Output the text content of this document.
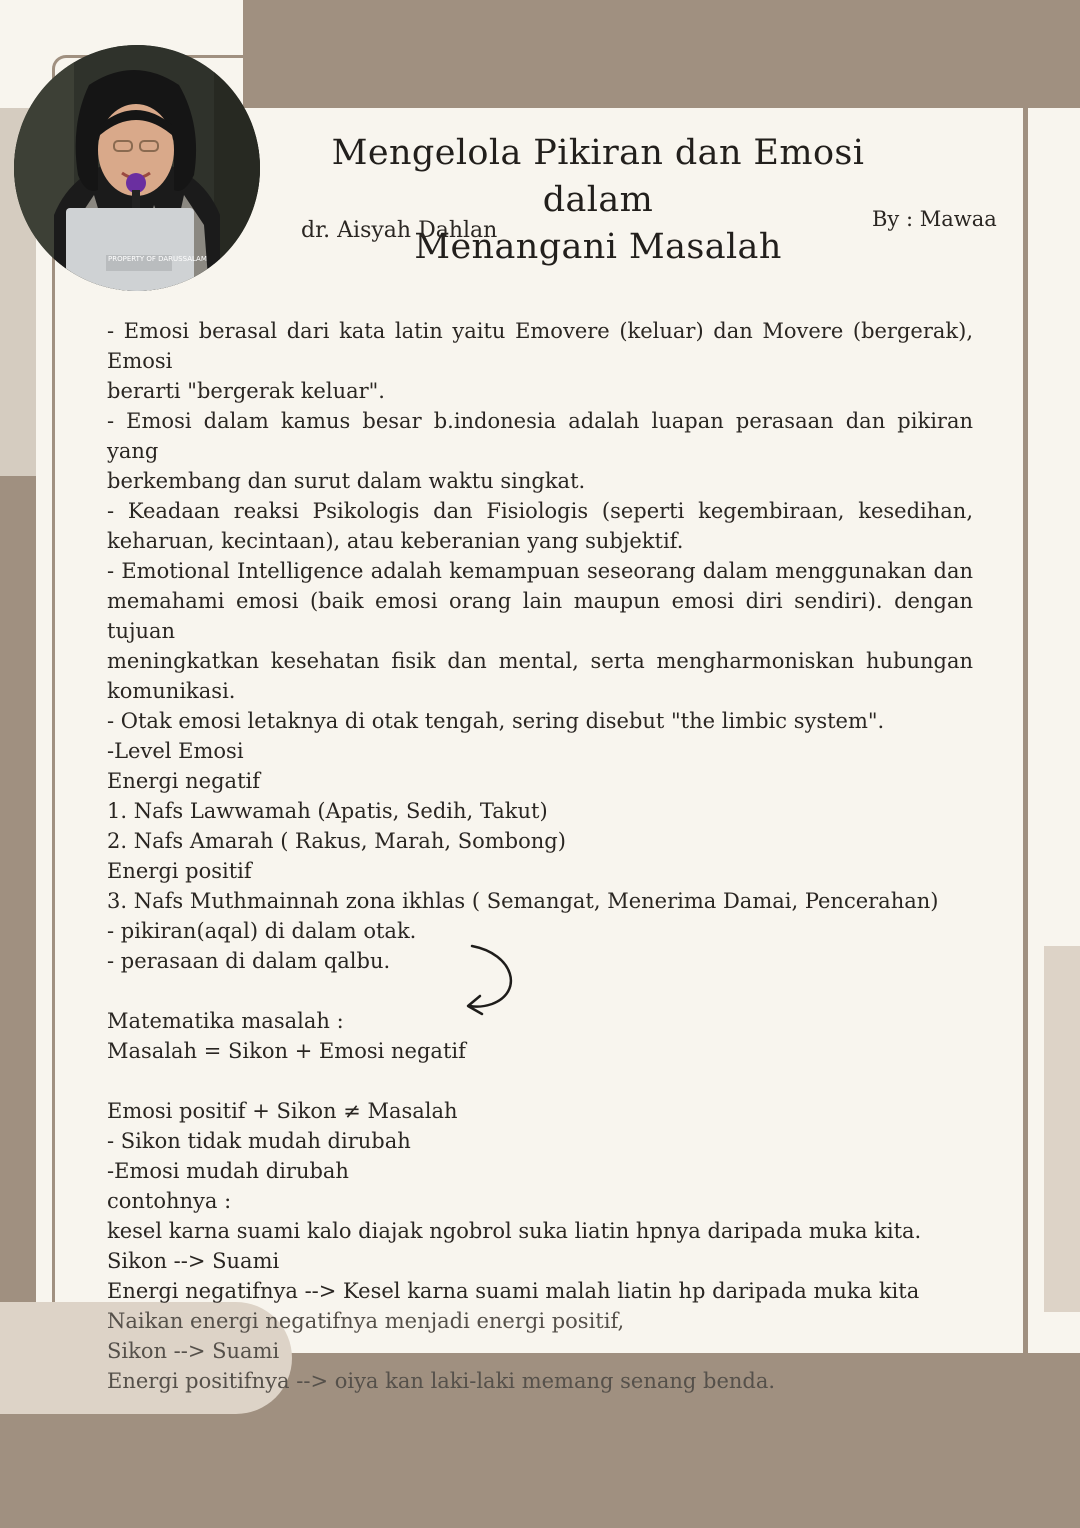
PROPERTY OF DARUSSALAM
Mengelola Pikiran dan Emosi dalam
Menangani Masalah

dr. Aisyah Dahlan	By : Mawaa

- Emosi berasal dari kata latin yaitu Emovere (keluar) dan Movere (bergerak), Emosi
berarti "bergerak keluar".
- Emosi dalam kamus besar b.indonesia adalah luapan perasaan dan pikiran yang
berkembang dan surut dalam waktu singkat.
- Keadaan reaksi Psikologis dan Fisiologis (seperti kegembiraan, kesedihan,
keharuan, kecintaan), atau keberanian yang subjektif.
- Emotional Intelligence adalah kemampuan seseorang dalam menggunakan dan
memahami emosi (baik emosi orang lain maupun emosi diri sendiri). dengan tujuan
meningkatkan kesehatan fisik dan mental, serta mengharmoniskan hubungan
komunikasi.
- Otak emosi letaknya di otak tengah, sering disebut "the limbic system".
-Level Emosi
Energi negatif
1. Nafs Lawwamah (Apatis, Sedih, Takut)
2. Nafs Amarah ( Rakus, Marah, Sombong)
Energi positif
3. Nafs Muthmainnah zona ikhlas ( Semangat, Menerima Damai, Pencerahan)
- pikiran(aqal) di dalam otak.
- perasaan di dalam qalbu.
Matematika masalah :
Masalah = Sikon + Emosi negatif
Emosi positif + Sikon ≠ Masalah
- Sikon tidak mudah dirubah
-Emosi mudah dirubah
contohnya :
kesel karna suami kalo diajak ngobrol suka liatin hpnya daripada muka kita.
Sikon --> Suami
Energi negatifnya --> Kesel karna suami malah liatin hp daripada muka kita
Naikan energi negatifnya menjadi energi positif,
Sikon --> Suami
Energi positifnya --> oiya kan laki-laki memang senang benda.
